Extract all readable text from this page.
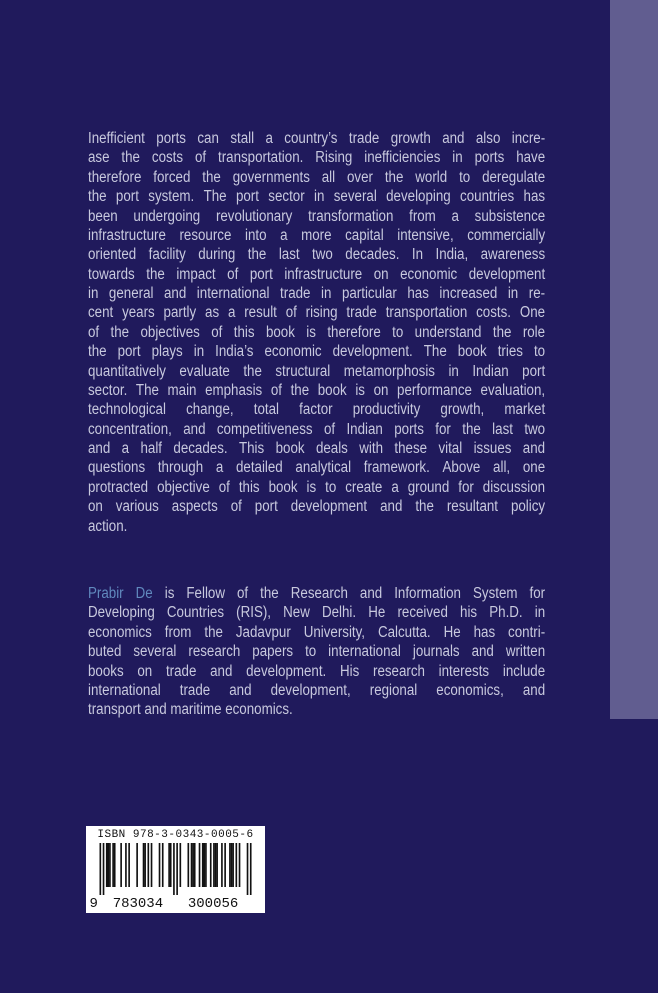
Inefficient ports can stall a country’s trade growth and also incre-
ase the costs of transportation. Rising inefficiencies in ports have
therefore forced the governments all over the world to deregulate
the port system. The port sector in several developing countries has
been undergoing revolutionary transformation from a subsistence
infrastructure resource into a more capital intensive, commercially
oriented facility during the last two decades. In India, awareness
towards the impact of port infrastructure on economic development
in general and international trade in particular has increased in re-
cent years partly as a result of rising trade transportation costs. One
of the objectives of this book is therefore to understand the role
the port plays in India’s economic development. The book tries to
quantitatively evaluate the structural metamorphosis in Indian port
sector. The main emphasis of the book is on performance evaluation,
technological change, total factor productivity growth, market
concentration, and competitiveness of Indian ports for the last two
and a half decades. This book deals with these vital issues and
questions through a detailed analytical framework. Above all, one
protracted objective of this book is to create a ground for discussion
on various aspects of port development and the resultant policy
action.
Prabir De is Fellow of the Research and Information System for
Developing Countries (RIS), New Delhi. He received his Ph.D. in
economics from the Jadavpur University, Calcutta. He has contri-
buted several research papers to international journals and written
books on trade and development. His research interests include
international trade and development, regional economics, and
transport and maritime economics.
ISBN 978-3-0343-0005-6
9 783034 300056
